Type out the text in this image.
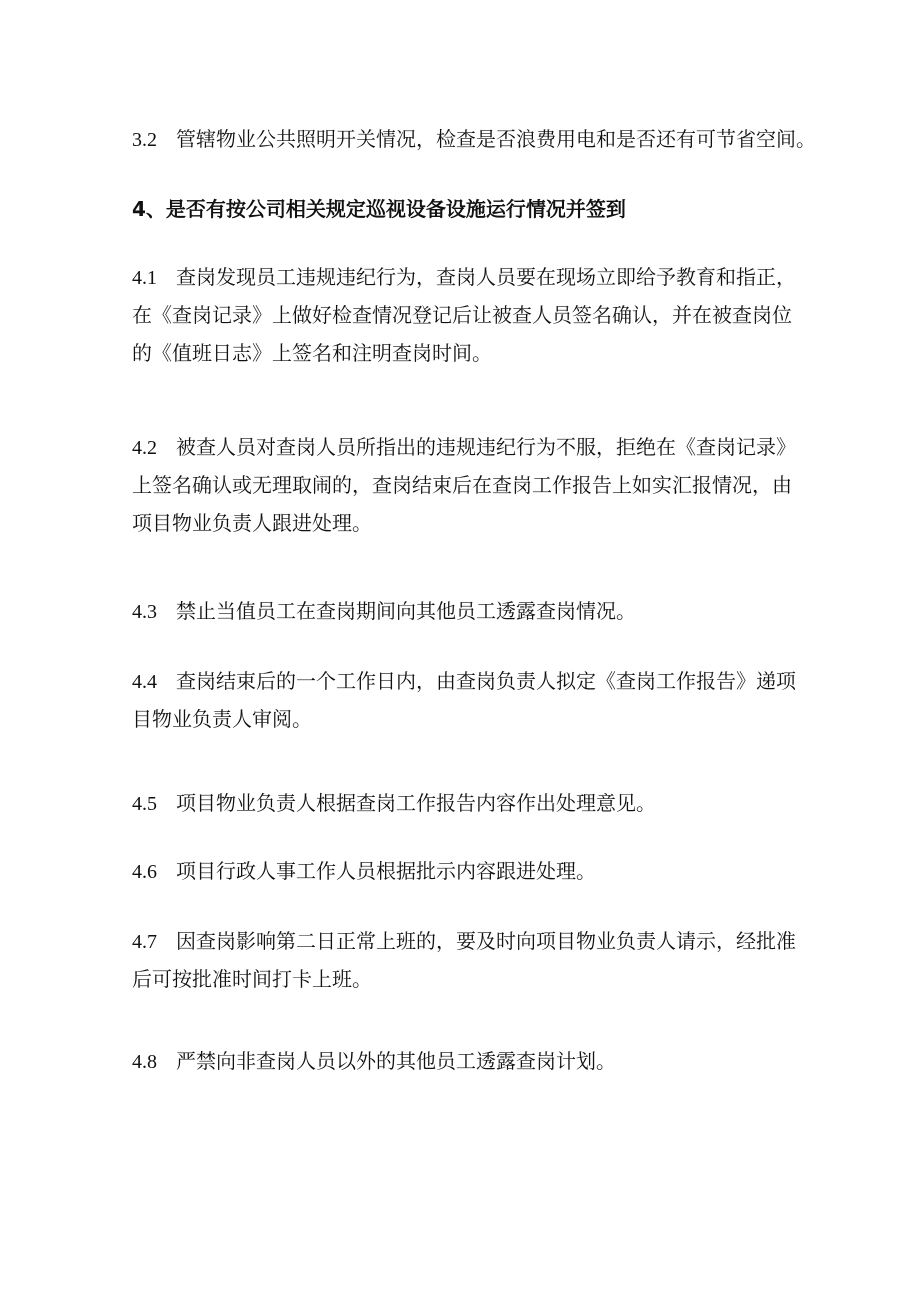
3.2 管辖物业公共照明开关情况，检查是否浪费用电和是否还有可节省空间。
4、是否有按公司相关规定巡视设备设施运行情况并签到
4.1 查岗发现员工违规违纪行为，查岗人员要在现场立即给予教育和指正，
在《查岗记录》上做好检查情况登记后让被查人员签名确认，并在被查岗位
的《值班日志》上签名和注明查岗时间。
4.2 被查人员对查岗人员所指出的违规违纪行为不服，拒绝在《查岗记录》
上签名确认或无理取闹的，查岗结束后在查岗工作报告上如实汇报情况，由
项目物业负责人跟进处理。
4.3 禁止当值员工在查岗期间向其他员工透露查岗情况。
4.4 查岗结束后的一个工作日内，由查岗负责人拟定《查岗工作报告》递项
目物业负责人审阅。
4.5 项目物业负责人根据查岗工作报告内容作出处理意见。
4.6 项目行政人事工作人员根据批示内容跟进处理。
4.7 因查岗影响第二日正常上班的，要及时向项目物业负责人请示，经批准
后可按批准时间打卡上班。
4.8 严禁向非查岗人员以外的其他员工透露查岗计划。
